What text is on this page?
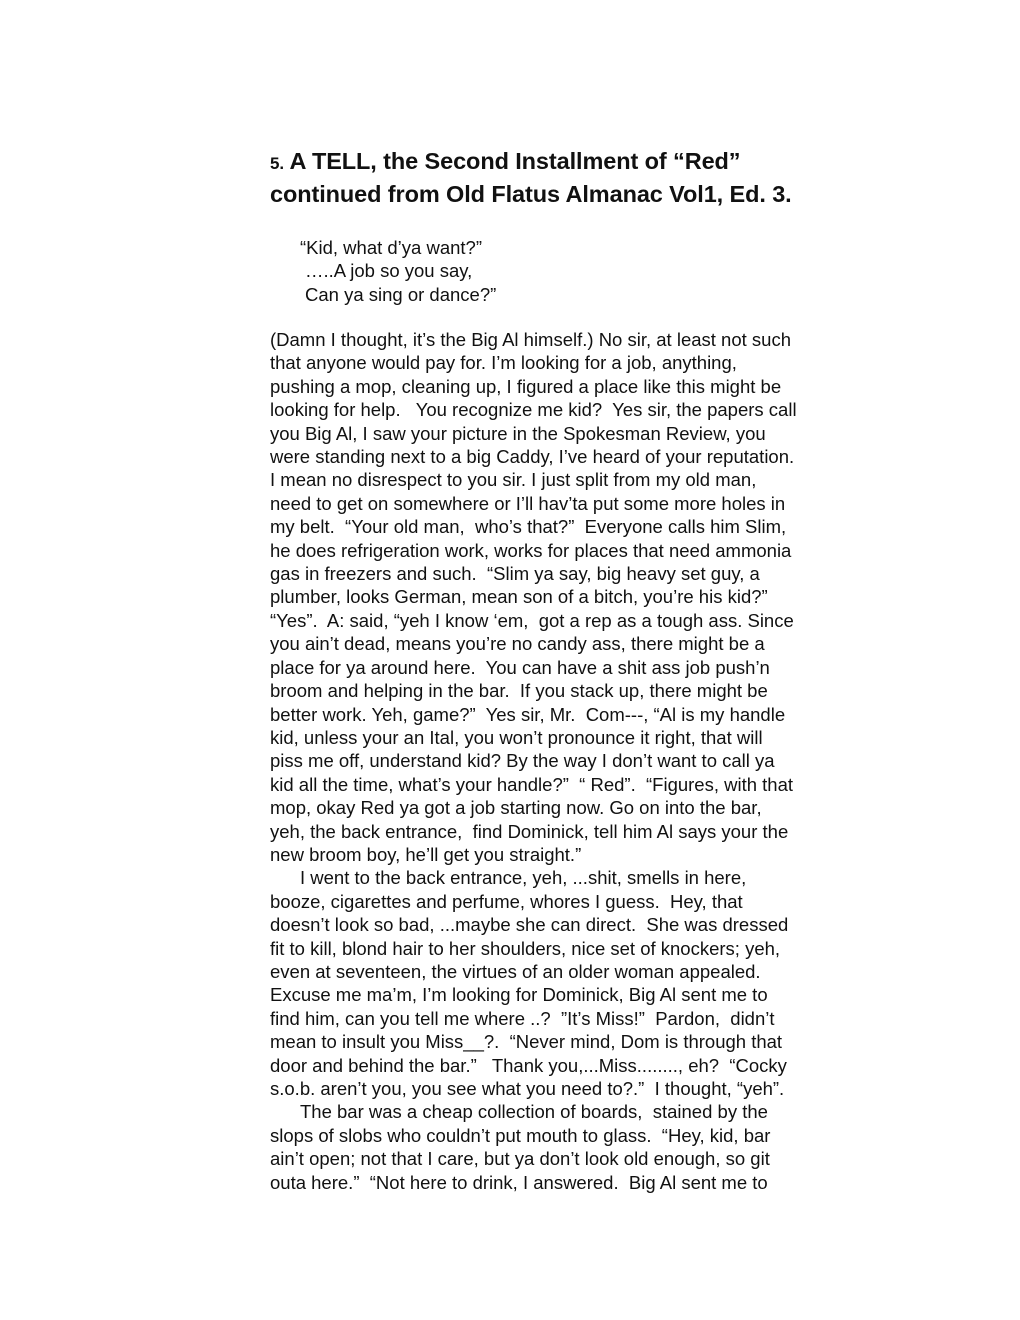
5. A TELL, the Second Installment of “Red”
continued from Old Flatus Almanac Vol1, Ed. 3.
“Kid, what d’ya want?”
…..A job so you say,
Can ya sing or dance?”
(Damn I thought, it’s the Big Al himself.) No sir, at least not such
that anyone would pay for. I’m looking for a job, anything,
pushing a mop, cleaning up, I figured a place like this might be
looking for help.   You recognize me kid?  Yes sir, the papers call
you Big Al, I saw your picture in the Spokesman Review, you
were standing next to a big Caddy, I’ve heard of your reputation.
I mean no disrespect to you sir. I just split from my old man,
need to get on somewhere or I’ll hav’ta put some more holes in
my belt.  “Your old man,  who’s that?”  Everyone calls him Slim,
he does refrigeration work, works for places that need ammonia
gas in freezers and such.  “Slim ya say, big heavy set guy, a
plumber, looks German, mean son of a bitch, you’re his kid?”
“Yes”.  A: said, “yeh I know ‘em,  got a rep as a tough ass. Since
you ain’t dead, means you’re no candy ass, there might be a
place for ya around here.  You can have a shit ass job push’n
broom and helping in the bar.  If you stack up, there might be
better work. Yeh, game?”  Yes sir, Mr.  Com---, “Al is my handle
kid, unless your an Ital, you won’t pronounce it right, that will
piss me off, understand kid? By the way I don’t want to call ya
kid all the time, what’s your handle?”  “ Red”.  “Figures, with that
mop, okay Red ya got a job starting now. Go on into the bar,
yeh, the back entrance,  find Dominick, tell him Al says your the
new broom boy, he’ll get you straight.”
I went to the back entrance, yeh, ...shit, smells in here,
booze, cigarettes and perfume, whores I guess.  Hey, that
doesn’t look so bad, ...maybe she can direct.  She was dressed
fit to kill, blond hair to her shoulders, nice set of knockers; yeh,
even at seventeen, the virtues of an older woman appealed.
Excuse me ma’m, I’m looking for Dominick, Big Al sent me to
find him, can you tell me where ..?  ”It’s Miss!”  Pardon,  didn’t
mean to insult you Miss__?.  “Never mind, Dom is through that
door and behind the bar.”   Thank you,...Miss........, eh?  “Cocky
s.o.b. aren’t you, you see what you need to?.”  I thought, “yeh”.
The bar was a cheap collection of boards,  stained by the
slops of slobs who couldn’t put mouth to glass.  “Hey, kid, bar
ain’t open; not that I care, but ya don’t look old enough, so git
outa here.”  “Not here to drink, I answered.  Big Al sent me to
